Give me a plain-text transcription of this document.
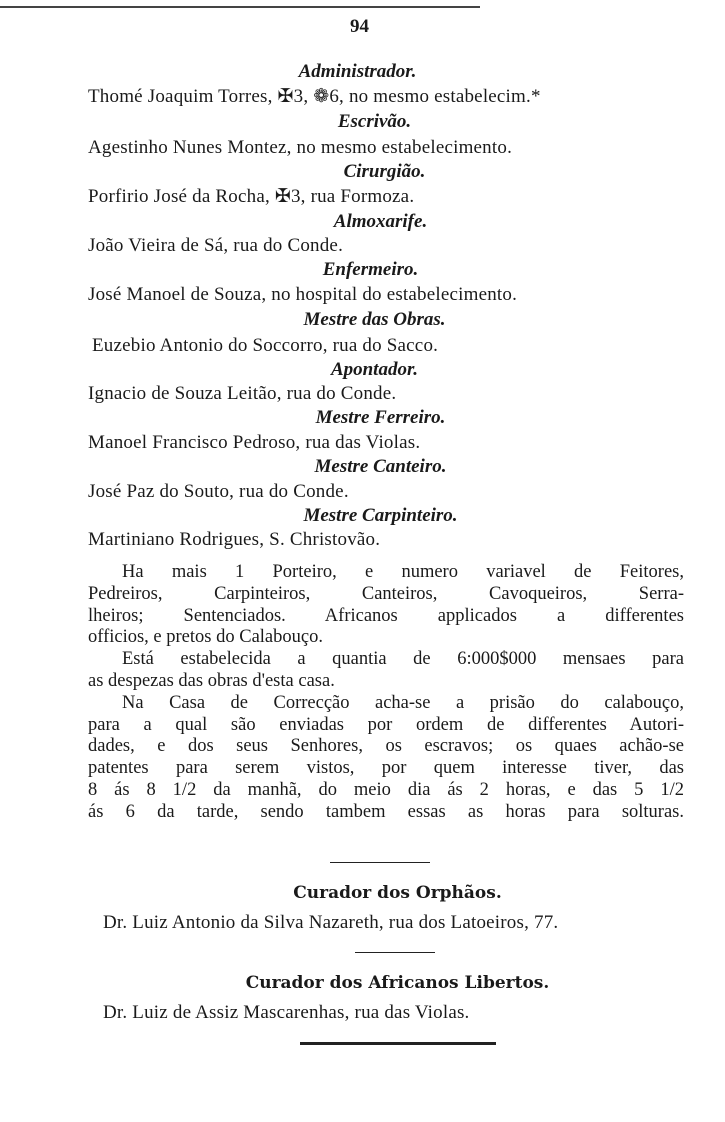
94
Administrador.
Thomé Joaquim Torres, ✠3, ❁6, no mesmo estabelecim.*
Escrivão.
Agestinho Nunes Montez, no mesmo estabelecimento.
Cirurgião.
Porfirio José da Rocha, ✠3, rua Formoza.
Almoxarife.
João Vieira de Sá, rua do Conde.
Enfermeiro.
José Manoel de Souza, no hospital do estabelecimento.
Mestre das Obras.
Euzebio Antonio do Soccorro, rua do Sacco.
Apontador.
Ignacio de Souza Leitão, rua do Conde.
Mestre Ferreiro.
Manoel Francisco Pedroso, rua das Violas.
Mestre Canteiro.
José Paz do Souto, rua do Conde.
Mestre Carpinteiro.
Martiniano Rodrigues, S. Christovão.
Ha mais 1 Porteiro, e numero variavel de Feitores,
Pedreiros, Carpinteiros, Canteiros, Cavoqueiros, Serra-
lheiros; Sentenciados. Africanos applicados a differentes
officios, e pretos do Calabouço.
Está estabelecida a quantia de 6:000$000 mensaes para
as despezas das obras d'esta casa.
Na Casa de Correcção acha-se a prisão do calabouço,
para a qual são enviadas por ordem de differentes Autori-
dades, e dos seus Senhores, os escravos; os quaes achão-se
patentes para serem vistos, por quem interesse tiver, das
8 ás 8 1/2 da manhã, do meio dia ás 2 horas, e das 5 1/2
ás 6 da tarde, sendo tambem essas as horas para solturas.
Curador dos Orphãos.
Dr. Luiz Antonio da Silva Nazareth, rua dos Latoeiros, 77.
Curador dos Africanos Libertos.
Dr. Luiz de Assiz Mascarenhas, rua das Violas.
